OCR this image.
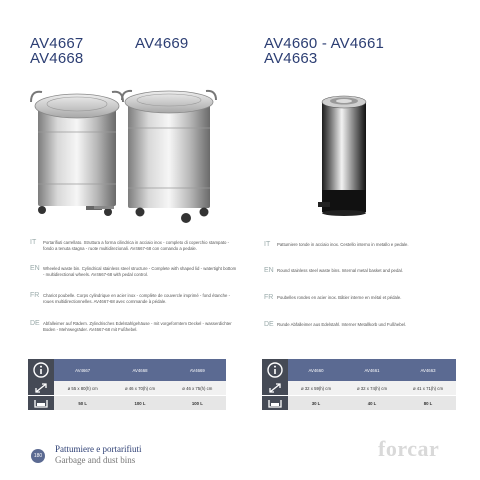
AV4667	AV4669
AV4668
AV4660 - AV4661
AV4663
IT Portarifiuti carrellato. Struttura a forma cilindrica in acciaio inox - completo di coperchio stampato - fondo a tenuta stagna - ruote multidirezionali. AV4667-68 con comando a pedale.
EN Wheeled waste bin. Cylindrical stainless steel structure - Complete with shaped lid - watertight bottom - multidirectional wheels. AV4667-68 with pedal control.
FR Chariot poubelle. Corps cylindrique en acier inox - complète de couvercle imprimé - fond étanche - roues multidirectionnelles. AV4667-68 avec commande à pédale.
DE Abfalleimer auf Rädern. Zylindrisches Edelstahlgehäuse - mit vorgeformtem Deckel - wasserdichter Boden - Mehrwegräder. AV4667-68 mit Fußhebel.
IT Pattumiere tonde in acciaio inox. Cestello interno in metallo e pedale.
EN Round stainless steel waste bins. Internal metal basket and pedal.
FR Poubelles rondes en acier inox. Bâtier interne en métal et pédale.
DE Runde Abfalleimer aus Edelstahl. Interner Metallkorb und Fußhebel.
	AV4667	AV4668	AV4669

	ø 55 x 80(h) cm	ø 46 x 70(h) cm	ø 46 x 75(h) cm

	50 L	100 L	100 L
	AV4660	AV4661	AV4663

	ø 32 x 59(h) cm	ø 32 x 74(h) cm	ø 41 x 71(h) cm

	30 L	40 L	80 L
180
Pattumiere e portarifiuti
Garbage and dust bins	forcar
